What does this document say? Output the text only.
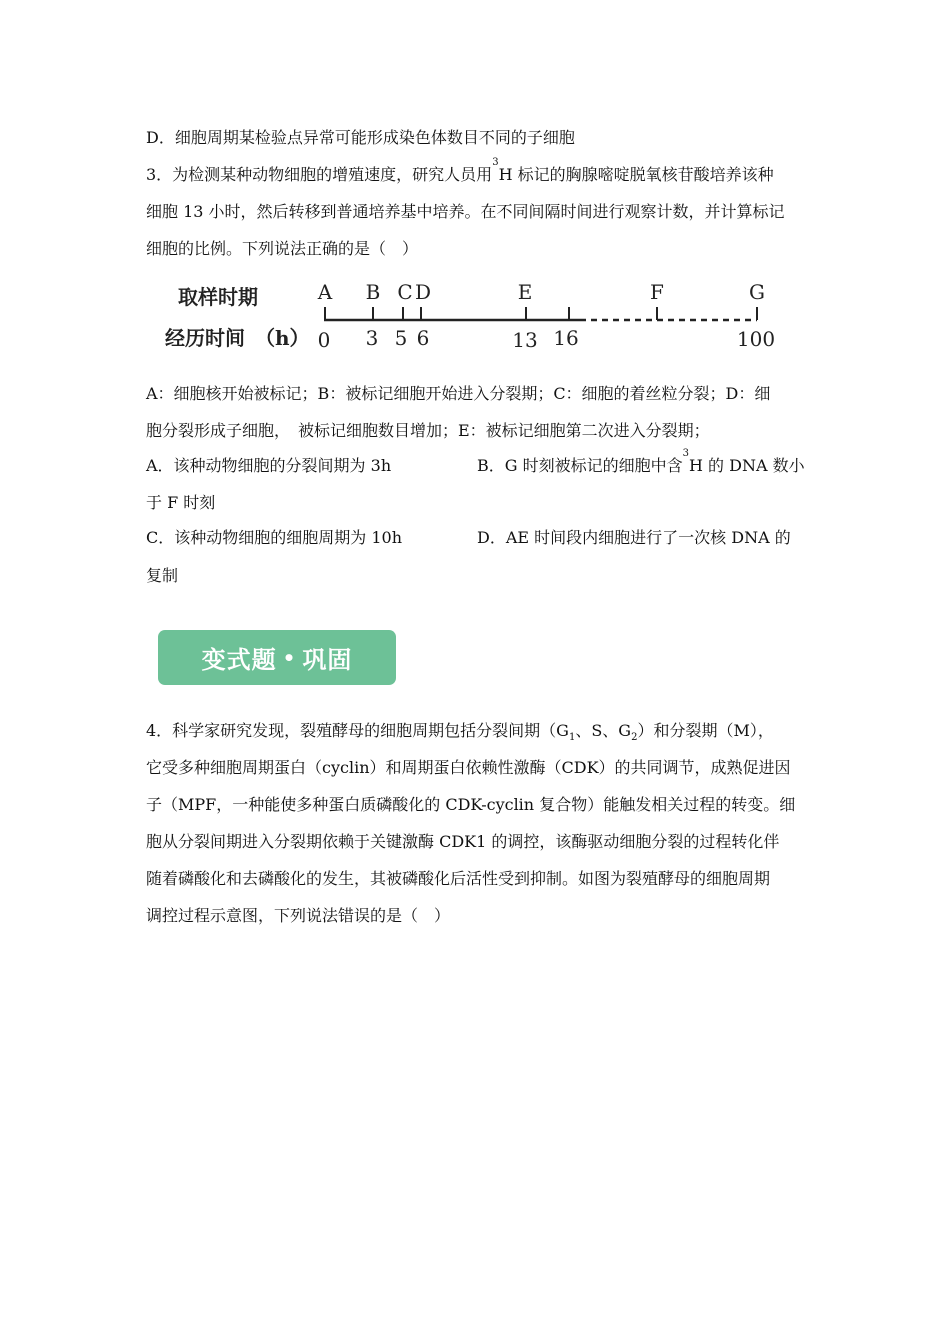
D．细胞周期某检验点异常可能形成染色体数目不同的子细胞
3．为检测某种动物细胞的增殖速度，研究人员用$^3$H 标记的胸腺嘧啶脱氧核苷酸培养该种
细胞 13 小时，然后转移到普通培养基中培养。在不同间隔时间进行观察计数，并计算标记
细胞的比例。下列说法正确的是（　）
取样时期
经历时间　（h）
A B C D	E	F	G
0 3 5 6	13 16	100
A：细胞核开始被标记；B：被标记细胞开始进入分裂期；C：细胞的着丝粒分裂；D：细
胞分裂形成子细胞，　被标记细胞数目增加；E：被标记细胞第二次进入分裂期；
A．该种动物细胞的分裂间期为 3h	B．G 时刻被标记的细胞中含$^3$H 的 DNA 数小
于 F 时刻
C．该种动物细胞的细胞周期为 10h	D．AE 时间段内细胞进行了一次核 DNA 的
复制
变式题 • 巩固
4．科学家研究发现，裂殖酵母的细胞周期包括分裂间期（$G_1$、S、$G_2$）和分裂期（M），
它受多种细胞周期蛋白（cyclin）和周期蛋白依赖性激酶（CDK）的共同调节，成熟促进因
子（MPF，一种能使多种蛋白质磷酸化的 CDK-cyclin 复合物）能触发相关过程的转变。细
胞从分裂间期进入分裂期依赖于关键激酶 CDK1 的调控，该酶驱动细胞分裂的过程转化伴
随着磷酸化和去磷酸化的发生，其被磷酸化后活性受到抑制。如图为裂殖酵母的细胞周期
调控过程示意图，下列说法错误的是（　）
